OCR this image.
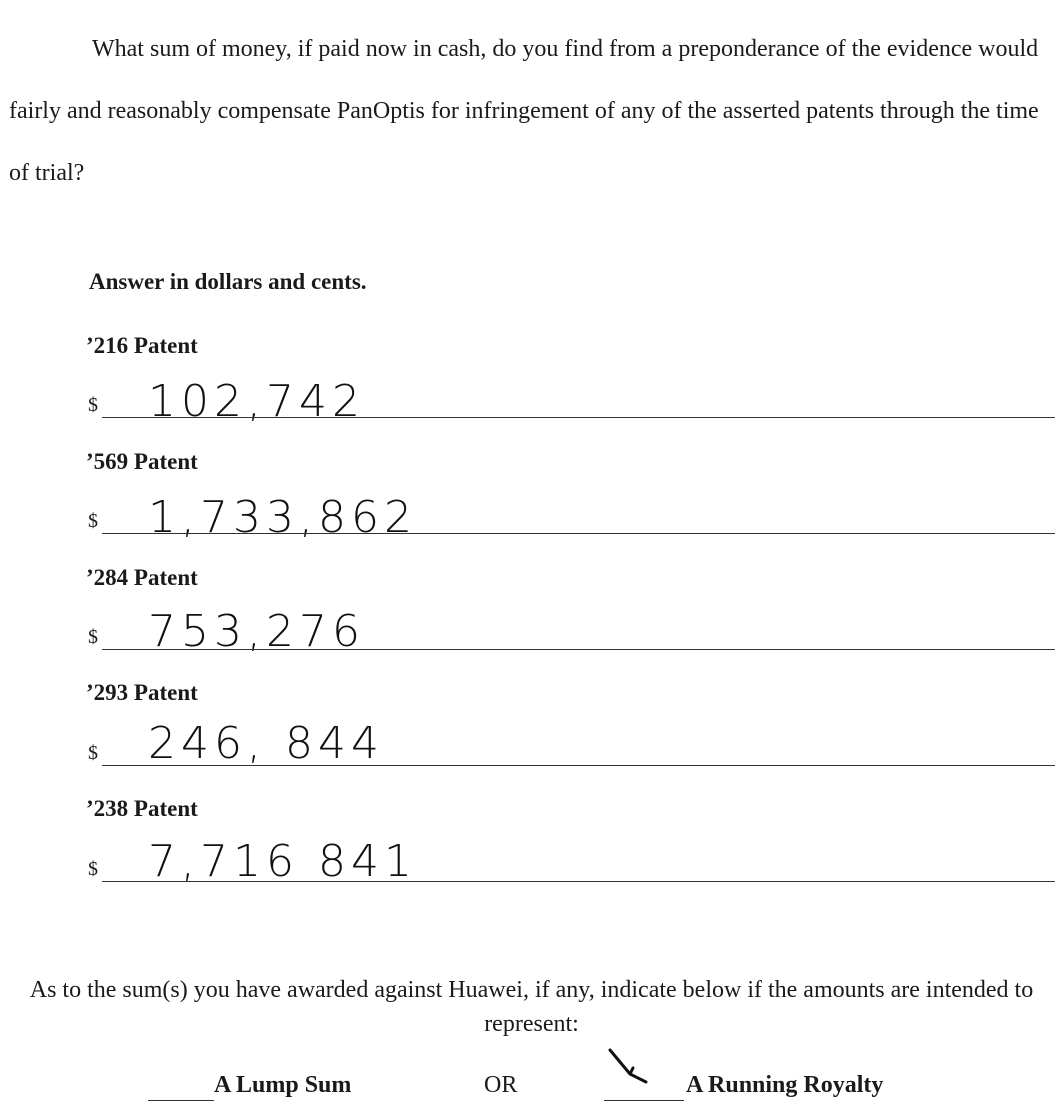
What sum of money, if paid now in cash, do you find from a preponderance of the evidence would fairly and reasonably compensate PanOptis for infringement of any of the asserted patents through the time of trial?

Answer in dollars and cents.
’216 Patent
$ 102,742
’569 Patent
$ 1,733,862
’284 Patent
$ 753,276
’293 Patent
$ 246, 844
’238 Patent
$ 7,716 841

As to the sum(s) you have awarded against Huawei, if any, indicate below if the amounts are intended to represent:

A Lump Sum	OR	A Running Royalty
